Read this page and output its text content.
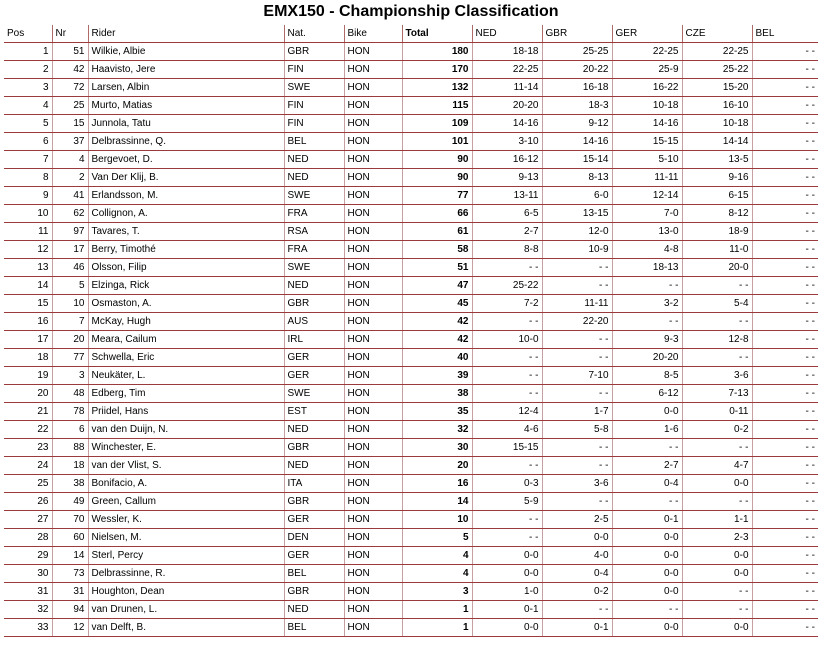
EMX150 - Championship Classification
Pos	Nr	Rider	Nat.	Bike	Total	NED	GBR	GER	CZE	BEL
1	51	Wilkie, Albie	GBR	HON	180	18-18	25-25	22-25	22-25	- -
2	42	Haavisto, Jere	FIN	HON	170	22-25	20-22	25-9	25-22	- -
3	72	Larsen, Albin	SWE	HON	132	11-14	16-18	16-22	15-20	- -
4	25	Murto, Matias	FIN	HON	115	20-20	18-3	10-18	16-10	- -
5	15	Junnola, Tatu	FIN	HON	109	14-16	9-12	14-16	10-18	- -
6	37	Delbrassinne, Q.	BEL	HON	101	3-10	14-16	15-15	14-14	- -
7	4	Bergevoet, D.	NED	HON	90	16-12	15-14	5-10	13-5	- -
8	2	Van Der Klij, B.	NED	HON	90	9-13	8-13	11-11	9-16	- -
9	41	Erlandsson, M.	SWE	HON	77	13-11	6-0	12-14	6-15	- -
10	62	Collignon, A.	FRA	HON	66	6-5	13-15	7-0	8-12	- -
11	97	Tavares, T.	RSA	HON	61	2-7	12-0	13-0	18-9	- -
12	17	Berry, Timothé	FRA	HON	58	8-8	10-9	4-8	11-0	- -
13	46	Olsson, Filip	SWE	HON	51	- -	- -	18-13	20-0	- -
14	5	Elzinga, Rick	NED	HON	47	25-22	- -	- -	- -	- -
15	10	Osmaston, A.	GBR	HON	45	7-2	11-11	3-2	5-4	- -
16	7	McKay, Hugh	AUS	HON	42	- -	22-20	- -	- -	- -
17	20	Meara, Cailum	IRL	HON	42	10-0	- -	9-3	12-8	- -
18	77	Schwella, Eric	GER	HON	40	- -	- -	20-20	- -	- -
19	3	Neukäter, L.	GER	HON	39	- -	7-10	8-5	3-6	- -
20	48	Edberg, Tim	SWE	HON	38	- -	- -	6-12	7-13	- -
21	78	Priidel, Hans	EST	HON	35	12-4	1-7	0-0	0-11	- -
22	6	van den Duijn, N.	NED	HON	32	4-6	5-8	1-6	0-2	- -
23	88	Winchester, E.	GBR	HON	30	15-15	- -	- -	- -	- -
24	18	van der Vlist, S.	NED	HON	20	- -	- -	2-7	4-7	- -
25	38	Bonifacio, A.	ITA	HON	16	0-3	3-6	0-4	0-0	- -
26	49	Green, Callum	GBR	HON	14	5-9	- -	- -	- -	- -
27	70	Wessler, K.	GER	HON	10	- -	2-5	0-1	1-1	- -
28	60	Nielsen, M.	DEN	HON	5	- -	0-0	0-0	2-3	- -
29	14	Sterl, Percy	GER	HON	4	0-0	4-0	0-0	0-0	- -
30	73	Delbrassinne, R.	BEL	HON	4	0-0	0-4	0-0	0-0	- -
31	31	Houghton, Dean	GBR	HON	3	1-0	0-2	0-0	- -	- -
32	94	van Drunen, L.	NED	HON	1	0-1	- -	- -	- -	- -
33	12	van Delft, B.	BEL	HON	1	0-0	0-1	0-0	0-0	- -
